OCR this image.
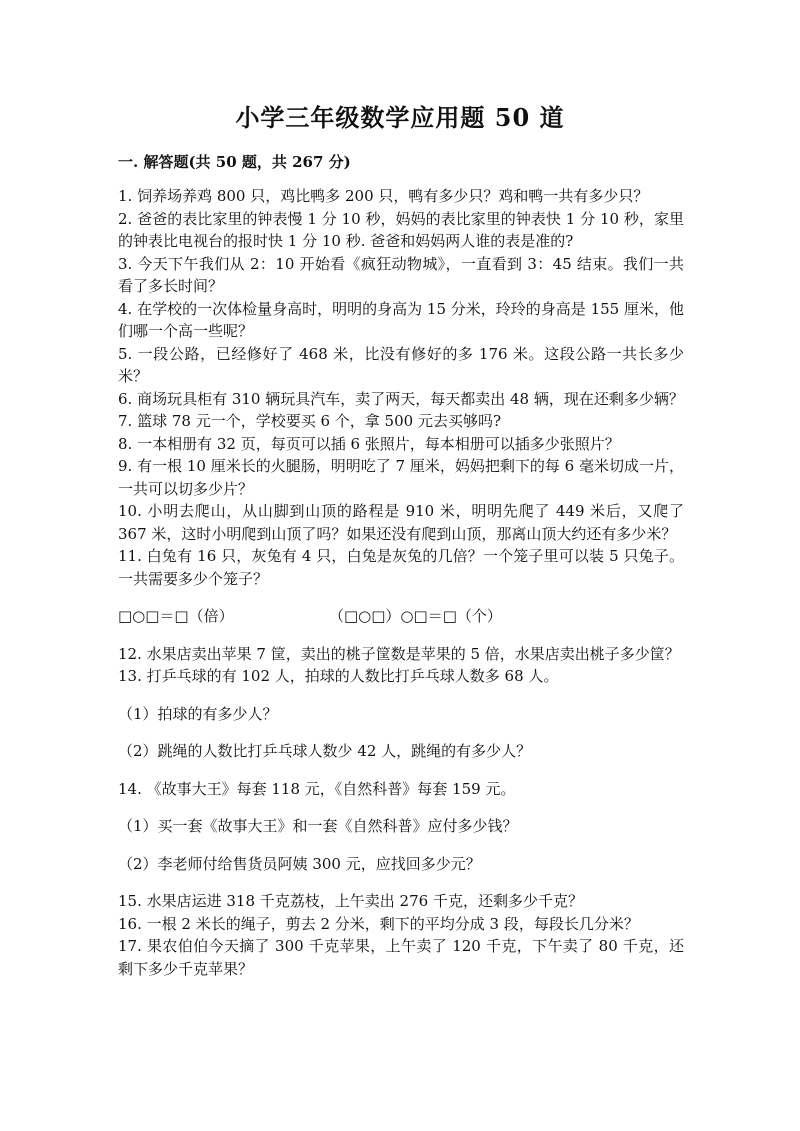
小学三年级数学应用题 50 道
一. 解答题(共 50 题，共 267 分)

1. 饲养场养鸡 800 只，鸡比鸭多 200 只，鸭有多少只？鸡和鸭一共有多少只？

2. 爸爸的表比家里的钟表慢 1 分 10 秒，妈妈的表比家里的钟表快 1 分 10 秒，家里的钟表比电视台的报时快 1 分 10 秒. 爸爸和妈妈两人谁的表是准的?

3. 今天下午我们从 2：10 开始看《疯狂动物城》，一直看到 3：45 结束。我们一共看了多长时间？

4. 在学校的一次体检量身高时，明明的身高为 15 分米，玲玲的身高是 155 厘米，他们哪一个高一些呢？

5. 一段公路，已经修好了 468 米，比没有修好的多 176 米。这段公路一共长多少米？

6. 商场玩具柜有 310 辆玩具汽车，卖了两天，每天都卖出 48 辆，现在还剩多少辆？

7. 篮球 78 元一个，学校要买 6 个，拿 500 元去买够吗?

8. 一本相册有 32 页，每页可以插 6 张照片，每本相册可以插多少张照片？

9. 有一根 10 厘米长的火腿肠，明明吃了 7 厘米，妈妈把剩下的每 6 毫米切成一片，一共可以切多少片？

10. 小明去爬山，从山脚到山顶的路程是 910 米，明明先爬了 449 米后，又爬了 367 米，这时小明爬到山顶了吗？如果还没有爬到山顶，那离山顶大约还有多少米？

11. 白兔有 16 只，灰兔有 4 只，白兔是灰兔的几倍？一个笼子里可以装 5 只兔子。一共需要多少个笼子？

□○□＝□（倍）	（□○□）○□＝□（个）

12. 水果店卖出苹果 7 筐，卖出的桃子筐数是苹果的 5 倍，水果店卖出桃子多少筐？

13. 打乒乓球的有 102 人，拍球的人数比打乒乓球人数多 68 人。

（1）拍球的有多少人？

（2）跳绳的人数比打乒乓球人数少 42 人，跳绳的有多少人？

14. 《故事大王》每套 118 元，《自然科普》每套 159 元。

（1）买一套《故事大王》和一套《自然科普》应付多少钱？

（2）李老师付给售货员阿姨 300 元，应找回多少元？

15. 水果店运进 318 千克荔枝，上午卖出 276 千克，还剩多少千克？

16. 一根 2 米长的绳子，剪去 2 分米，剩下的平均分成 3 段，每段长几分米？

17. 果农伯伯今天摘了 300 千克苹果，上午卖了 120 千克，下午卖了 80 千克，还剩下多少千克苹果？
